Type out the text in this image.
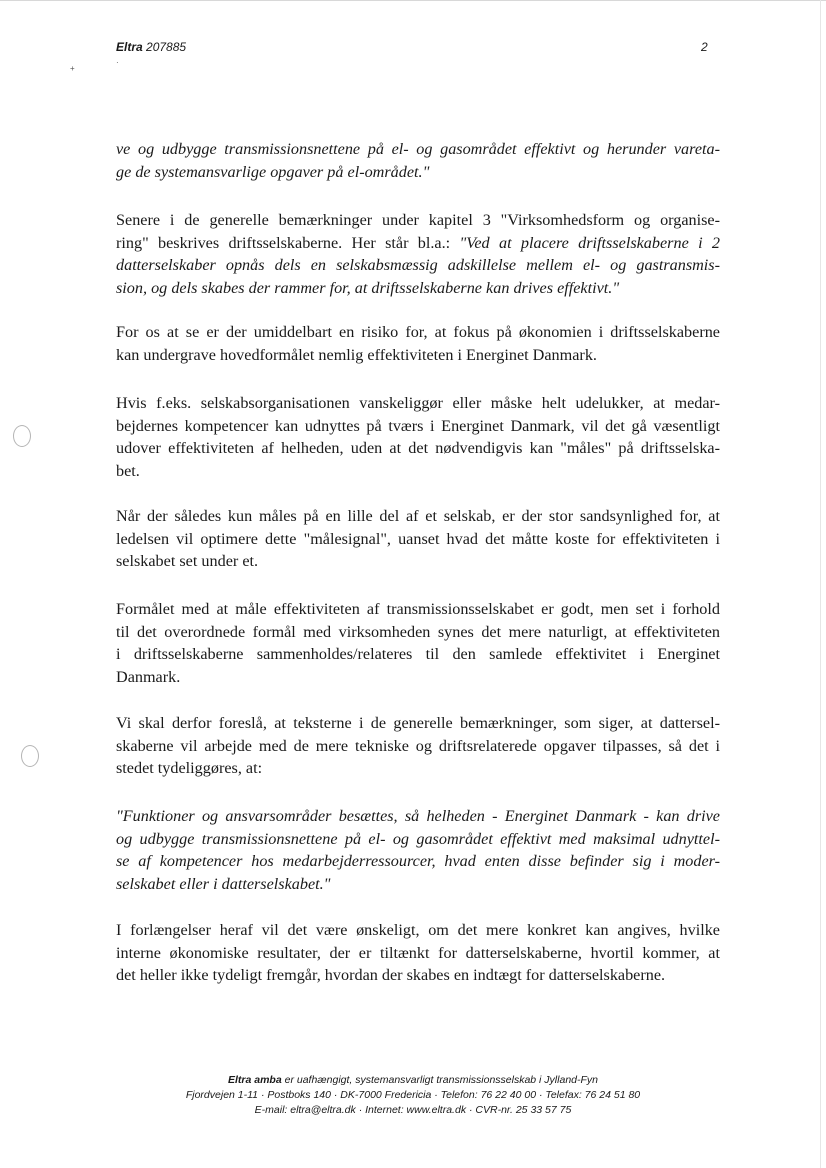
Eltra 207885	2
+
·
ve og udbygge transmissionsnettene på el- og gasområdet effektivt og herunder vareta-
ge de systemansvarlige opgaver på el-området."
Senere i de generelle bemærkninger under kapitel 3 "Virksomhedsform og organise-
ring" beskrives driftsselskaberne. Her står bl.a.: "Ved at placere driftsselskaberne i 2
datterselskaber opnås dels en selskabsmæssig adskillelse mellem el- og gastransmis-
sion, og dels skabes der rammer for, at driftsselskaberne kan drives effektivt."
For os at se er der umiddelbart en risiko for, at fokus på økonomien i driftsselskaberne
kan undergrave hovedformålet nemlig effektiviteten i Energinet Danmark.
Hvis f.eks. selskabsorganisationen vanskeliggør eller måske helt udelukker, at medar-
bejdernes kompetencer kan udnyttes på tværs i Energinet Danmark, vil det gå væsentligt
udover effektiviteten af helheden, uden at det nødvendigvis kan "måles" på driftsselska-
bet.
Når der således kun måles på en lille del af et selskab, er der stor sandsynlighed for, at
ledelsen vil optimere dette "målesignal", uanset hvad det måtte koste for effektiviteten i
selskabet set under et.
Formålet med at måle effektiviteten af transmissionsselskabet er godt, men set i forhold
til det overordnede formål med virksomheden synes det mere naturligt, at effektiviteten
i driftsselskaberne sammenholdes/relateres til den samlede effektivitet i Energinet
Danmark.
Vi skal derfor foreslå, at teksterne i de generelle bemærkninger, som siger, at dattersel-
skaberne vil arbejde med de mere tekniske og driftsrelaterede opgaver tilpasses, så det i
stedet tydeliggøres, at:
"Funktioner og ansvarsområder besættes, så helheden - Energinet Danmark - kan drive
og udbygge transmissionsnettene på el- og gasområdet effektivt med maksimal udnyttel-
se af kompetencer hos medarbejderressourcer, hvad enten disse befinder sig i moder-
selskabet eller i datterselskabet."
I forlængelser heraf vil det være ønskeligt, om det mere konkret kan angives, hvilke
interne økonomiske resultater, der er tiltænkt for datterselskaberne, hvortil kommer, at
det heller ikke tydeligt fremgår, hvordan der skabes en indtægt for datterselskaberne.
Eltra amba er uafhængigt, systemansvarligt transmissionsselskab i Jylland-Fyn
Fjordvejen 1-11 · Postboks 140 · DK-7000 Fredericia · Telefon: 76 22 40 00 · Telefax: 76 24 51 80
E-mail: eltra@eltra.dk · Internet: www.eltra.dk · CVR-nr. 25 33 57 75
